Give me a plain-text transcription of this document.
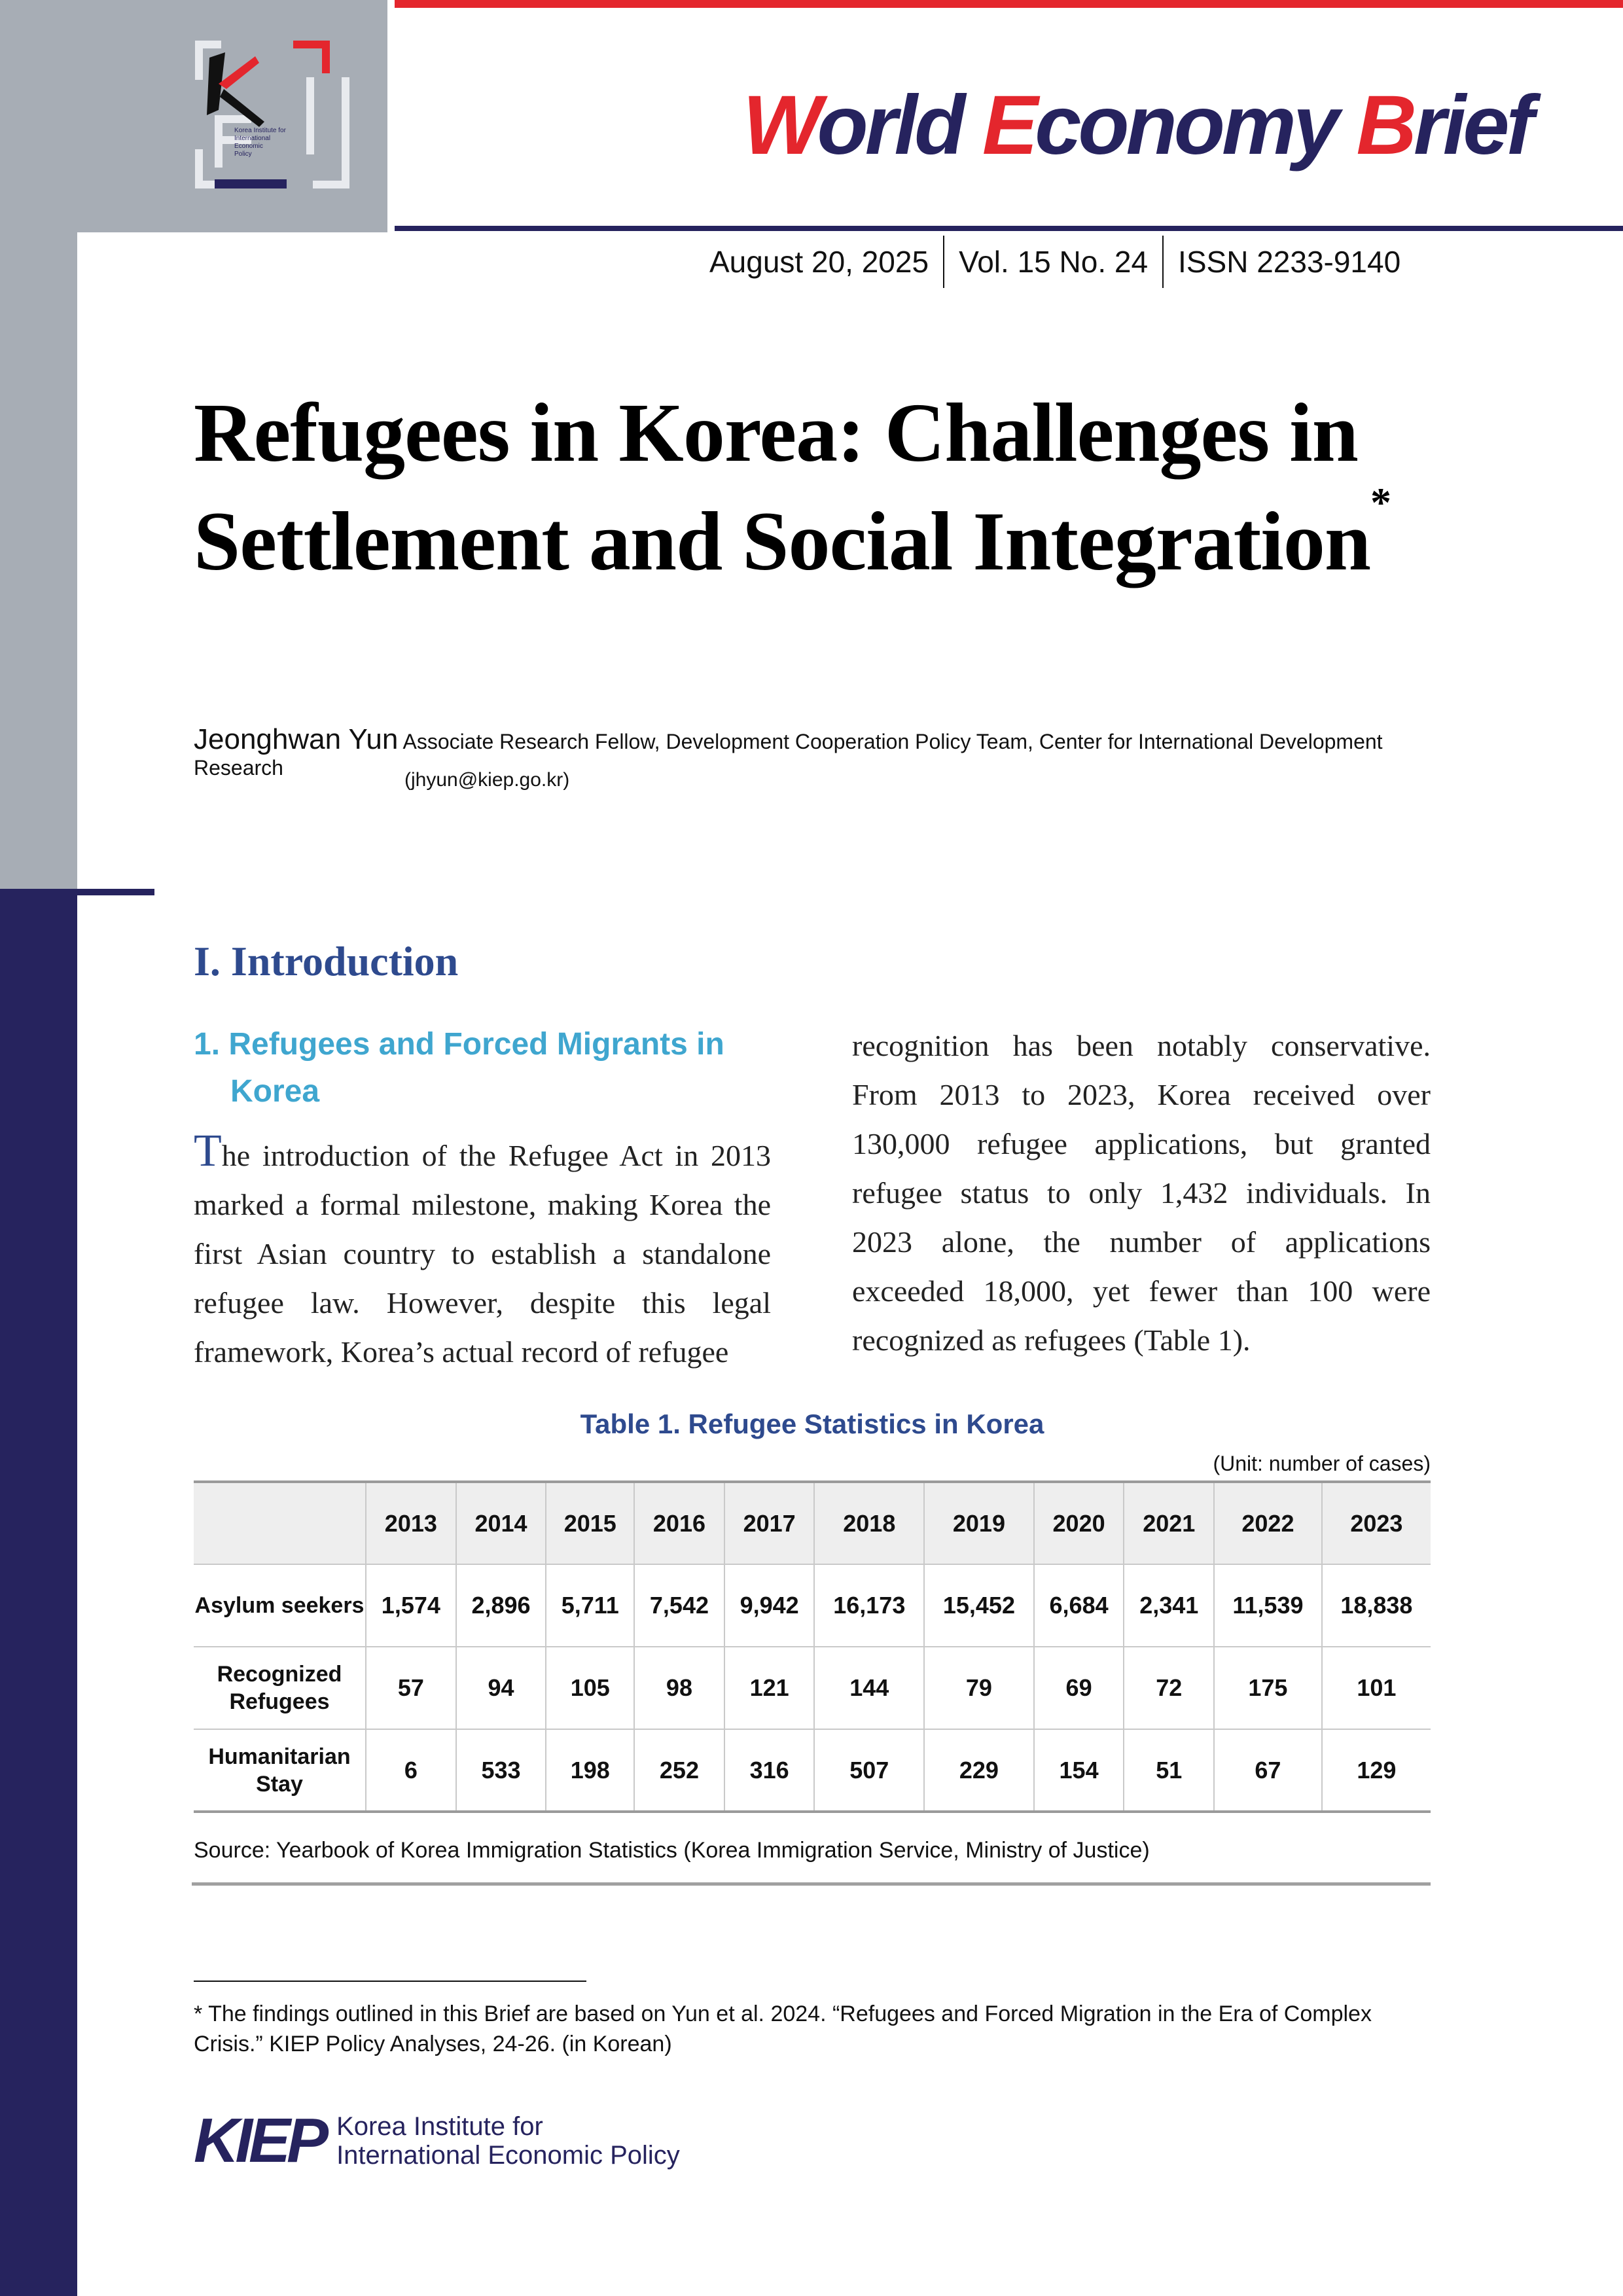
Korea Institute for
International
Economic
Policy	World Economy Brief
August 20, 2025	Vol. 15 No. 24	ISSN 2233-9140
Refugees in Korea: Challenges in Settlement and Social Integration*
Jeonghwan Yun Associate Research Fellow, Development Cooperation Policy Team, Center for International Development Research
(jhyun@kiep.go.kr)
I. Introduction
1. Refugees and Forced Migrants in
Korea
The introduction of the Refugee Act in 2013 marked a formal milestone, making Korea the first Asian country to establish a standalone refugee law. However, despite this legal framework, Korea’s actual record of refugee
recognition has been notably conservative. From 2013 to 2023, Korea received over 130,000 refugee applications, but granted refugee status to only 1,432 individuals. In 2023 alone, the number of applications exceeded 18,000, yet fewer than 100 were recognized as refugees (Table 1).
Table 1. Refugee Statistics in Korea
(Unit: number of cases)
	2013	2014	2015	2016	2017	2018	2019	2020	2021	2022	2023
Asylum seekers	1,574	2,896	5,711	7,542	9,942	16,173	15,452	6,684	2,341	11,539	18,838
Recognized Refugees	57	94	105	98	121	144	79	69	72	175	101
Humanitarian Stay	6	533	198	252	316	507	229	154	51	67	129
Source: Yearbook of Korea Immigration Statistics (Korea Immigration Service, Ministry of Justice)
* The findings outlined in this Brief are based on Yun et al. 2024. “Refugees and Forced Migration in the Era of Complex Crisis.” KIEP Policy Analyses, 24-26. (in Korean)
KIEP Korea Institute for
International Economic Policy
